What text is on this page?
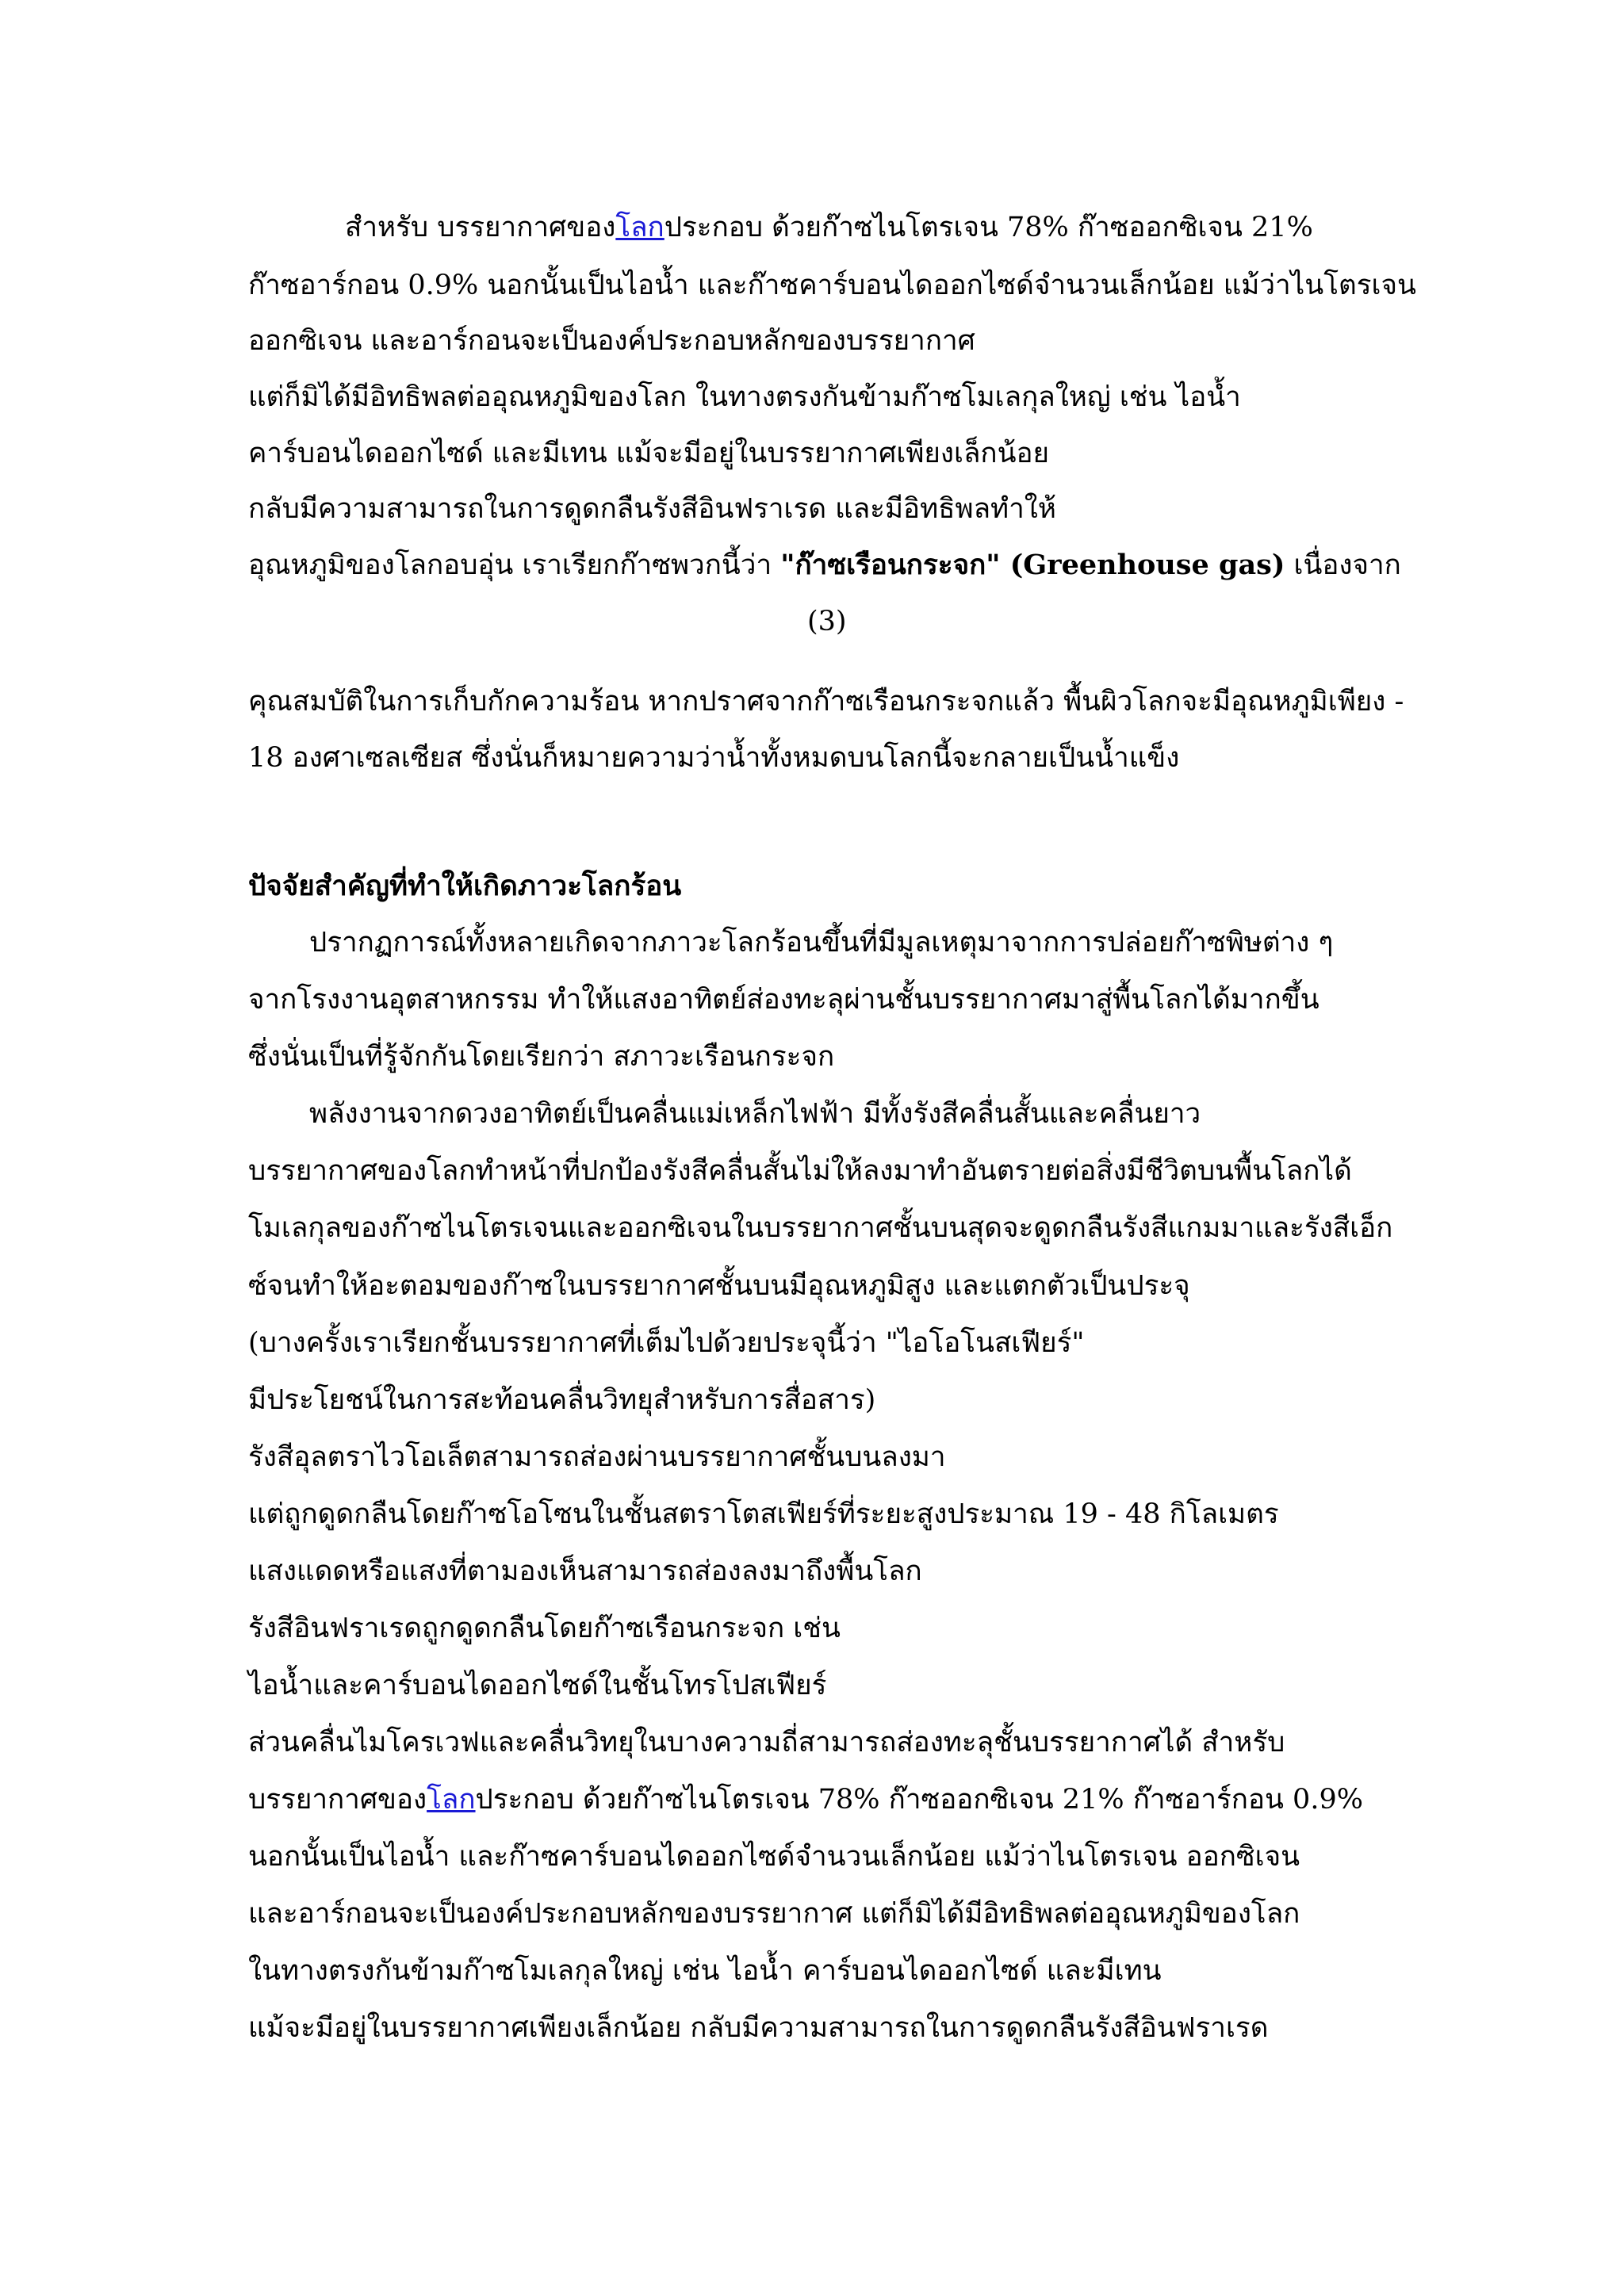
สำหรับ บรรยากาศของโลกประกอบ ด้วยก๊าซไนโตรเจน 78% ก๊าซออกซิเจน 21%
ก๊าซอาร์กอน 0.9% นอกนั้นเป็นไอน้ำ และก๊าซคาร์บอนไดออกไซด์จำนวนเล็กน้อย แม้ว่าไนโตรเจน
ออกซิเจน และอาร์กอนจะเป็นองค์ประกอบหลักของบรรยากาศ
แต่ก็มิได้มีอิทธิพลต่ออุณหภูมิของโลก ในทางตรงกันข้ามก๊าซโมเลกุลใหญ่ เช่น ไอน้ำ
คาร์บอนไดออกไซด์ และมีเทน แม้จะมีอยู่ในบรรยากาศเพียงเล็กน้อย
กลับมีความสามารถในการดูดกลืนรังสีอินฟราเรด และมีอิทธิพลทำให้
อุณหภูมิของโลกอบอุ่น เราเรียกก๊าซพวกนี้ว่า "ก๊าซเรือนกระจก" (Greenhouse gas) เนื่องจาก
(3)
คุณสมบัติในการเก็บกักความร้อน หากปราศจากก๊าซเรือนกระจกแล้ว พื้นผิวโลกจะมีอุณหภูมิเพียง -
18 องศาเซลเซียส ซึ่งนั่นก็หมายความว่าน้ำทั้งหมดบนโลกนี้จะกลายเป็นน้ำแข็ง
ปัจจัยสำคัญที่ทำให้เกิดภาวะโลกร้อน
ปรากฏการณ์ทั้งหลายเกิดจากภาวะโลกร้อนขึ้นที่มีมูลเหตุมาจากการปล่อยก๊าซพิษต่าง ๆ
จากโรงงานอุตสาหกรรม ทำให้แสงอาทิตย์ส่องทะลุผ่านชั้นบรรยากาศมาสู่พื้นโลกได้มากขึ้น
ซึ่งนั่นเป็นที่รู้จักกันโดยเรียกว่า สภาวะเรือนกระจก
พลังงานจากดวงอาทิตย์เป็นคลื่นแม่เหล็กไฟฟ้า มีทั้งรังสีคลื่นสั้นและคลื่นยาว
บรรยากาศของโลกทำหน้าที่ปกป้องรังสีคลื่นสั้นไม่ให้ลงมาทำอันตรายต่อสิ่งมีชีวิตบนพื้นโลกได้
โมเลกุลของก๊าซไนโตรเจนและออกซิเจนในบรรยากาศชั้นบนสุดจะดูดกลืนรังสีแกมมาและรังสีเอ็ก
ซ์จนทำให้อะตอมของก๊าซในบรรยากาศชั้นบนมีอุณหภูมิสูง และแตกตัวเป็นประจุ
(บางครั้งเราเรียกชั้นบรรยากาศที่เต็มไปด้วยประจุนี้ว่า "ไอโอโนสเฟียร์"
มีประโยชน์ในการสะท้อนคลื่นวิทยุสำหรับการสื่อสาร)
รังสีอุลตราไวโอเล็ตสามารถส่องผ่านบรรยากาศชั้นบนลงมา
แต่ถูกดูดกลืนโดยก๊าซโอโซนในชั้นสตราโตสเฟียร์ที่ระยะสูงประมาณ 19 - 48 กิโลเมตร
แสงแดดหรือแสงที่ตามองเห็นสามารถส่องลงมาถึงพื้นโลก
รังสีอินฟราเรดถูกดูดกลืนโดยก๊าซเรือนกระจก เช่น
ไอน้ำและคาร์บอนไดออกไซด์ในชั้นโทรโปสเฟียร์
ส่วนคลื่นไมโครเวฟและคลื่นวิทยุในบางความถี่สามารถส่องทะลุชั้นบรรยากาศได้ สำหรับ
บรรยากาศของโลกประกอบ ด้วยก๊าซไนโตรเจน 78% ก๊าซออกซิเจน 21% ก๊าซอาร์กอน 0.9%
นอกนั้นเป็นไอน้ำ และก๊าซคาร์บอนไดออกไซด์จำนวนเล็กน้อย แม้ว่าไนโตรเจน ออกซิเจน
และอาร์กอนจะเป็นองค์ประกอบหลักของบรรยากาศ แต่ก็มิได้มีอิทธิพลต่ออุณหภูมิของโลก
ในทางตรงกันข้ามก๊าซโมเลกุลใหญ่ เช่น ไอน้ำ คาร์บอนไดออกไซด์ และมีเทน
แม้จะมีอยู่ในบรรยากาศเพียงเล็กน้อย กลับมีความสามารถในการดูดกลืนรังสีอินฟราเรด
